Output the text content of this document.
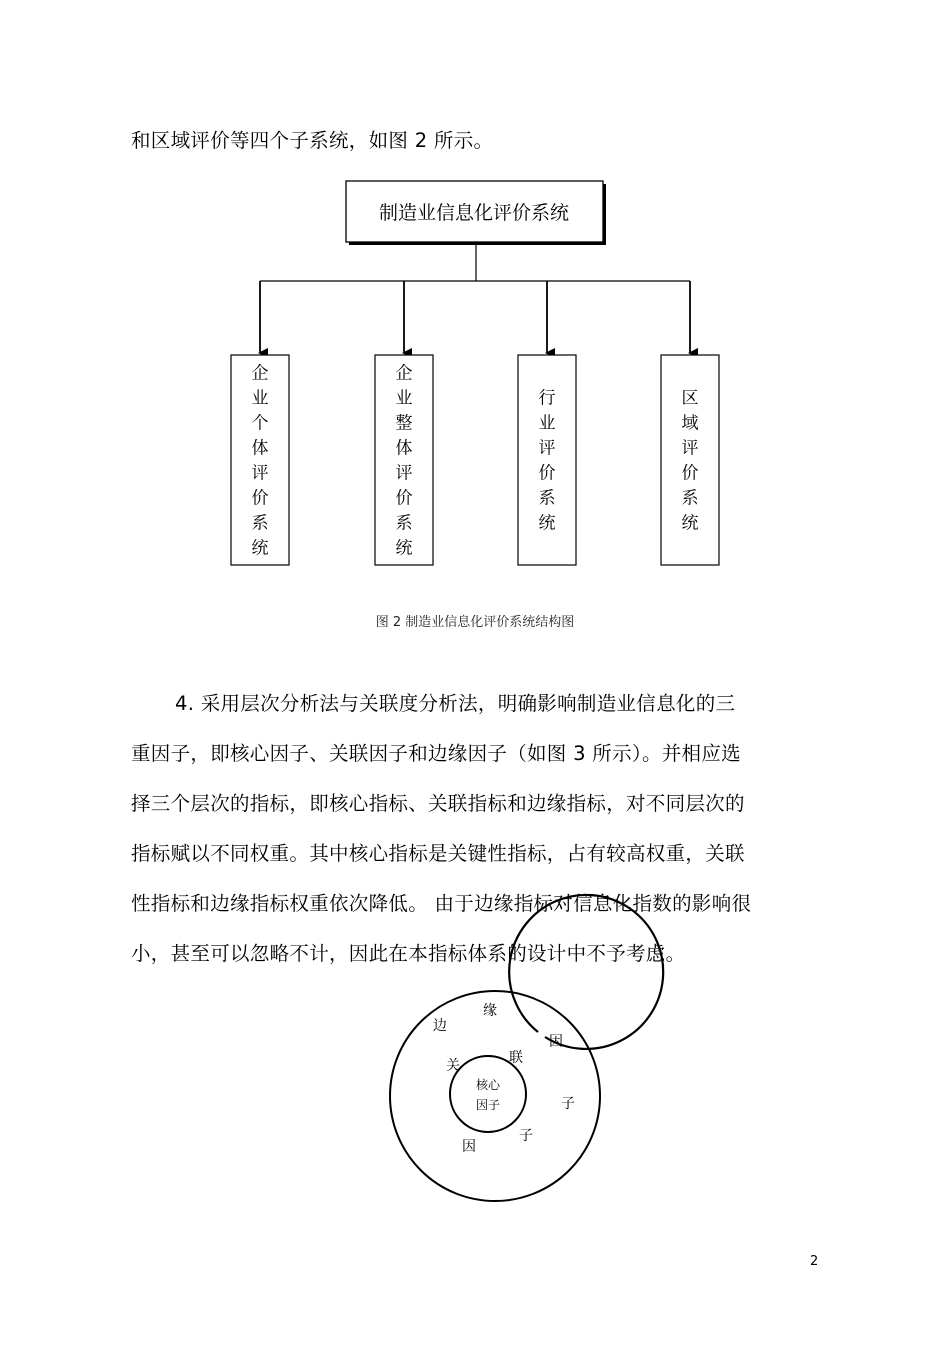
和区域评价等四个子系统，如图 2 所示。
制造业信息化评价系统
企
业
个
体
评
价
系
统
企
业
整
体
评
价
系
统
行
业
评
价
系
统
区
域
评
价
系
统
边
缘
因
子
关	联
子
因
核心
因子
图 2 制造业信息化评价系统结构图
4. 采用层次分析法与关联度分析法，明确影响制造业信息化的三
重因子，即核心因子、关联因子和边缘因子（如图 3 所示）。并相应选
择三个层次的指标，即核心指标、关联指标和边缘指标，对不同层次的
指标赋以不同权重。其中核心指标是关键性指标，占有较高权重，关联
性指标和边缘指标权重依次降低。 由于边缘指标对信息化指数的影响很
小，甚至可以忽略不计，因此在本指标体系的设计中不予考虑。
2
